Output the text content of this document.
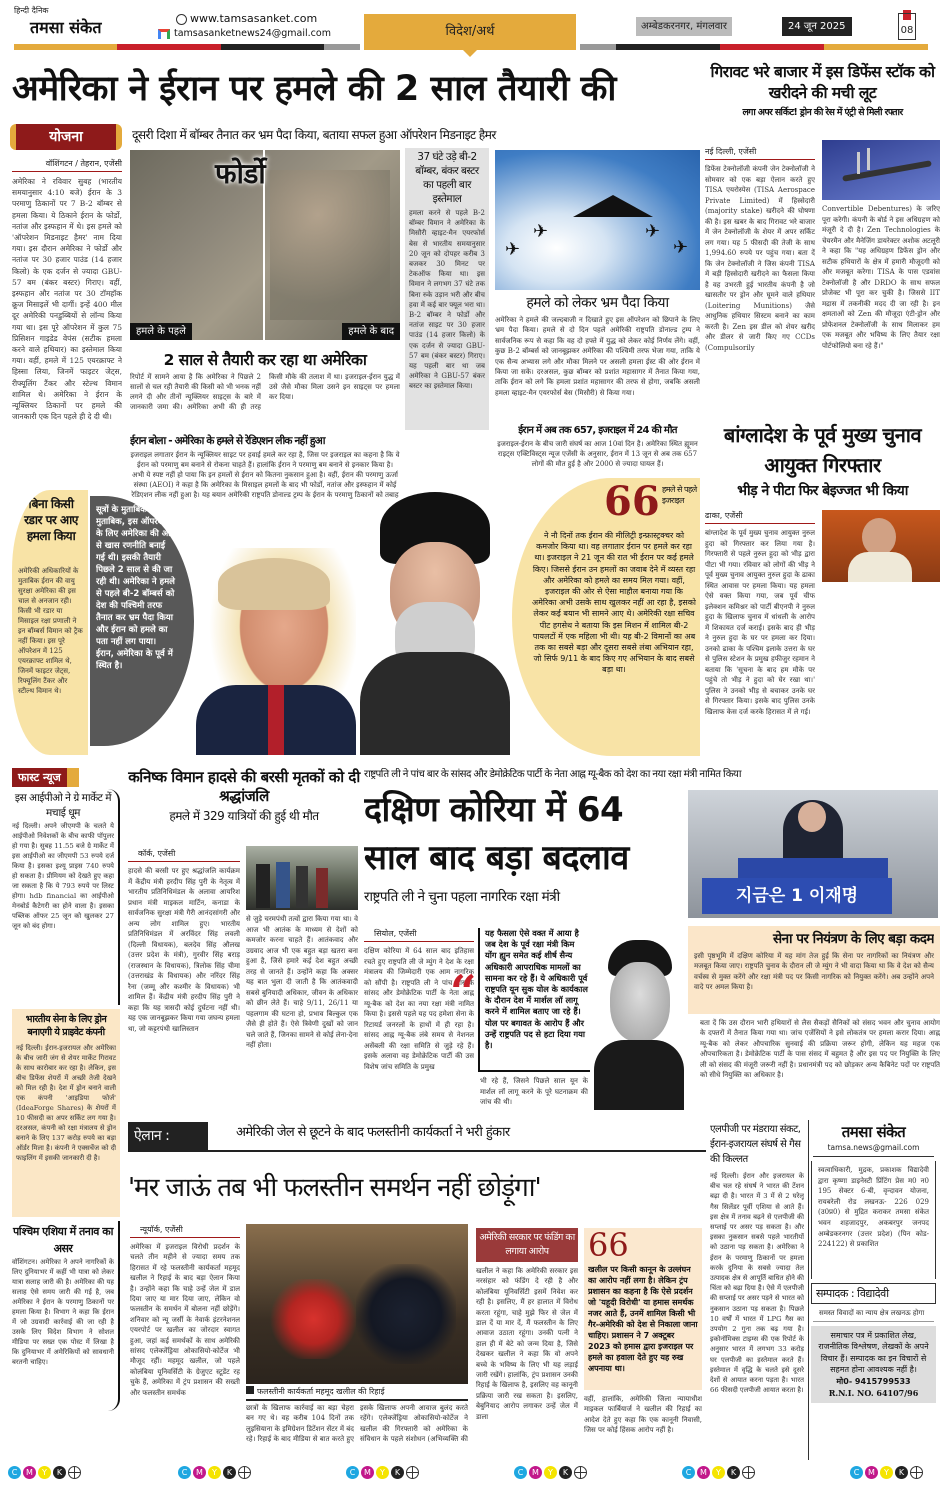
हिन्दी दैनिक
तमसा संकेत	www.tamsasanket.com
tamsasanketnews24@gmail.com	विदेश/अर्थ	अम्बेडकरनगर, मंगलवार	24 जून 2025	08
अमेरिका ने ईरान पर हमले की 2 साल तैयारी की
योजना	दूसरी दिशा में बॉम्बर तैनात कर भ्रम पैदा किया, बताया सफल हुआ ऑपरेशन मिडनाइट हैमर
वॉशिंगटन / तेहरान, एजेंसी
अमेरिका ने रविवार सुबह (भारतीय समयानुसार 4:10 बजे) ईरान के 3 परमाणु ठिकानों पर 7 B-2 बॉम्बर से हमला किया। ये ठिकाने ईरान के फोर्डो, नतांज और इस्फहान में थे। इस हमले को 'ऑपरेशन मिडनाइट हैमर' नाम दिया गया। इस दौरान अमेरिका ने फोर्डो और नतांज पर 30 हजार पाउंड (14 हजार किलो) के एक दर्जन से ज्यादा GBU-57 बम (बंकर बस्टर) गिराए। वहीं, इस्फहान और नतांज पर 30 टॉमहॉक क्रूज मिसाइलें भी दागीं। इन्हें 400 मील दूर अमेरिकी पनडुब्बियों से लॉन्च किया गया था। इस पूरे ऑपरेशन में कुल 75 प्रिसिशन गाइडेड वेपंस (सटीक हमला करने वाले हथियार) का इस्तेमाल किया गया। वहीं, हमले में 125 एयरक्राफ्ट ने हिस्सा लिया, जिनमें फाइटर जेट्स, रीफ्यूलिंग टैंकर और स्टेल्थ विमान शामिल थे। अमेरिका ने ईरान के न्यूक्लियर ठिकानों पर हमले की जानकारी एक दिन पहले ही दे दी थी।
फोर्डो
हमले के पहले	हमले के बाद
37 घंटे उड़े बी-2 बॉम्बर, बंकर बस्टर का पहली बार इस्तेमाल
हमला करने से पहले B-2 बॉम्बर विमान ने अमेरिका के मिसौरी व्हाइट-मैन एयरफोर्स बेस से भारतीय समयानुसार 20 जून को दोपहर करीब 3 बजकर 30 मिनट पर टेकऑफ किया था। इस विमान ने लगभग 37 घंटे तक बिना रुके उड़ान भरी और बीच हवा में कई बार फ्यूल भरा था। B-2 बॉम्बर ने फोर्डो और नतांज साइट पर 30 हजार पाउंड (14 हजार किलो) के एक दर्जन से ज्यादा GBU-57 बम (बंकर बस्टर) गिराए। यह पहली बार था जब अमेरिका ने GBU-57 बंकर बस्टर का इस्तेमाल किया।
✈
✈	✈
✈
हमले को लेकर भ्रम पैदा किया
अमेरिका ने हमले की जल्दबाजी न दिखाते हुए इस ऑपरेशन को छिपाने के लिए भ्रम पैदा किया। हमले से दो दिन पहले अमेरिकी राष्ट्रपति डोनाल्ड ट्रम्प ने सार्वजनिक रूप से कहा कि वह दो हफ्ते में युद्ध को लेकर कोई निर्णय लेंगे। वहीं, कुछ B-2 बॉम्बर्स को जानबूझकर अमेरिका की पश्चिमी तरफ भेजा गया, ताकि ये एक सैन्य अभ्यास लगे और मौका मिलने पर असली हमला ईस्ट की ओर ईरान में किया जा सके। दरअसल, कुछ बॉम्बर को प्रशांत महासागर में तैनात किया गया, ताकि ईरान को लगे कि हमला प्रशांत महासागर की तरफ से होगा, जबकि असली हमला व्हाइट-मैन एयरफोर्स बेस (मिसौरी) से किया गया।
2 साल से तैयारी कर रहा था अमेरिका
रिपोर्ट में सामने आया है कि अमेरिका ने पिछले 2 सालों से चल रही तैयारी की किसी को भी भनक नहीं लगने दी और तीनों न्यूक्लियर साइट्स के बारे में जानकारी जमा की। अमेरिका अभी की ही तरह किसी मौके की तलाश में था। इजराइल-ईरान युद्ध में उसे जैसे मौका मिला उसने इन साइट्स पर हमला कर दिया।
ईरान बोला - अमेरिका के हमले से रेडिएशन लीक नहीं हुआ
इजराइल लगातार ईरान के न्यूक्लियर साइट पर हवाई हमले कर रहा है, जिस पर इजराइल का कहना है कि वे ईरान को परमाणु बम बनाने से रोकना चाहते हैं। हालांकि ईरान ने परमाणु बम बनाने से इनकार किया है। अभी ये स्पष्ट नहीं हो पाया कि इन हमलों से ईरान को कितना नुकसान हुआ है। वहीं, ईरान की परमाणु ऊर्जा संस्था (AEOI) ने कहा है कि अमेरिका के मिसाइल हमलों के बाद भी फोर्डो, नतांज और इस्फहान में कोई रेडिएशन लीक नहीं हुआ है। यह बयान अमेरिकी राष्ट्रपति डोनाल्ड ट्रम्प के ईरान के परमाणु ठिकानों को तबाह
ईरान में अब तक 657, इजराइल में 24 की मौत
इजराइल-ईरान के बीच जारी संघर्ष का आज 10वां दिन है। अमेरिका स्थित ह्यूमन राइट्स एक्टिविस्ट्स न्यूज एजेंसी के अनुसार, ईरान में 13 जून से अब तक 657 लोगों की मौत हुई है और 2000 से ज्यादा घायल हैं।
बिना किसी रडार पर आए हमला किया
अमेरिकी अधिकारियों के मुताबिक ईरान की वायु सुरक्षा अमेरिका की इस चाल से अनजान रही। किसी भी रडार या मिसाइल रक्षा प्रणाली ने इन बॉम्बर्स विमान को ट्रैक नहीं किया। इस पूरे ऑपरेशन में 125 एयरक्राफ्ट शामिल थे, जिनमें फाइटर जेट्स, रिफ्यूलिंग टैंकर और स्टील्थ विमान थे।
सूत्रों के मुताबिक मुताबिक, इस ऑपरेशन के लिए अमेरिका की ओर से खास रणनीति बनाई गई थी। इसकी तैयारी पिछले 2 साल से की जा रही थी। अमेरिका ने हमले से पहले बी-2 बॉम्बर्स को देश की पश्चिमी तरफ तैनात कर भ्रम पैदा किया और ईरान को हमले का पता नहीं लग पाया। ईरान, अमेरिका के पूर्व में स्थित है।
66 हमले से पहले इजराइल
ने नौ दिनों तक ईरान की मीलिट्री इन्फ्रास्ट्रक्चर को कमजोर किया था। वह लगातार ईरान पर हमले कर रहा था। इजराइल ने 21 जून की रात भी ईरान पर कई हमले किए। जिससे ईरान उन हमलों का जवाब देने में व्यस्त रहा और अमेरिका को हमले का समय मिल गया। वहीं, इजराइल की ओर से ऐसा माहौल बनाया गया कि अमेरिका अभी उसके साथ खुलकर नहीं आ रहा है, इसको लेकर कई बयान भी सामने आए थे। अमेरिकी रक्षा सचिव पीट हगसेथ ने बताया कि इस मिशन में शामिल बी-2 पायलटों में एक महिला भी थी। यह बी-2 विमानों का अब तक का सबसे बड़ा और दूसरा सबसे लंबा अभियान रहा, जो सिर्फ 9/11 के बाद किए गए अभियान के बाद सबसे बड़ा था।
गिरावट भरे बाजार में इस डिफेंस स्टॉक को खरीदने की मची लूट
लगा अपर सर्किट! ड्रोन की रेस में एंट्री से मिली रफ्तार
नई दिल्ली, एजेंसी
डिफेंस टेक्नोलॉजी कंपनी जेन टेक्नोलॉजी ने सोमवार को एक बड़ा ऐलान करते हुए TISA एयरोस्पेस (TISA Aerospace Private Limited) में हिस्सेदारी (majority stake) खरीदने की घोषणा की है। इस खबर के बाद गिरावट भरे बाजार में जेन टेक्नोलॉजी के शेयर में अपर सर्किट लग गया। यह 5 फीसदी की तेजी के साथ 1,994.60 रुपये पर पहुंच गया। बता दें कि जेन टेक्नोलॉजी ने जिस कंपनी TISA में बड़ी हिस्सेदारी खरीदने का फैसला किया है वह उभरती हुई भारतीय कंपनी है जो खासतौर पर ड्रोन और घूमने वाले हथियार (Loitering Munitions) जैसे आधुनिक हथियार सिस्टम बनाने का काम करती है। Zen इस डील को शेयर खरीद और डीलर से जारी किए गए CCDs (Compulsorily
Convertible Debentures) के जरिए पूरा करेगी। कंपनी के बोर्ड ने इस अधिग्रहण को मंजूरी दे दी है। Zen Technologies के चेयरमैन और मैनेजिंग डायरेक्टर अशोक अटलूरी ने कहा कि "यह अधिग्रहण डिफेंस ड्रोन और सटीक हथियारों के क्षेत्र में हमारी मौजूदगी को और मजबूत करेगा। TISA के पास एडवांस टेक्नोलॉजी है और DRDO के साथ सफल प्रोजेक्ट भी पूरा कर चुकी है। जिससे IIT मद्रास में तकनीकी मदद दी जा रही है। इन क्षमताओं को Zen की मौजूदा एंटी-ड्रोन और प्रोफेशनल टेक्नोलॉजी के साथ मिलाकर हम एक मजबूत और भविष्य के लिए तैयार रक्षा पोर्टफोलियो बना रहे हैं।"
बांग्लादेश के पूर्व मुख्य चुनाव आयुक्त गिरफ्तार
भीड़ ने पीटा फिर बेइज्जत भी किया
ढाका, एजेंसी
बांग्लादेश के पूर्व मुख्य चुनाव आयुक्त नुरुल हुदा को गिरफ्तार कर लिया गया है। गिरफ्तारी से पहले नुरुल हुदा को भीड़ द्वारा पीटा भी गया। रविवार को लोगों की भीड़ ने पूर्व मुख्य चुनाव आयुक्त नुरुल हुदा के ढाका स्थित आवास पर हमला किया। यह हमला ऐसे वक्त किया गया, जब पूर्व चीफ इलेक्शन कमिश्नर को पार्टी बीएनपी ने नुरुल हुदा के खिलाफ चुनाव में धांधली के आरोप में शिकायत दर्ज कराई। इसके बाद ही भीड़ ने नुरुल हुदा के घर पर हमला कर दिया। उनको ढाका के पश्चिम इलाके उत्तरा के घर से पुलिस स्टेशन के प्रमुख हफीजुर रहमान ने बताया कि 'सूचना के बाद हम मौके पर पहुंचे तो भीड़ ने हुदा को घेर रखा था।' पुलिस ने उनको भीड़ से बचाकर उनके घर से गिरफ्तार किया। इसके बाद पुलिस उनके खिलाफ केस दर्ज करके हिरासत में ले गई।
फास्ट न्यूज
इस आईपीओ ने ग्रे मार्केट में मचाई धूम
नई दिल्ली। अपने जीएमपी के चलते ये आईपीओ निवेशकों के बीच काफी पॉपुलर हो गया है। सुबह 11.55 बजे ग्रे मार्केट में इस आईपीओ का जीएमपी 53 रुपये दर्ज किया है। इसका इश्यू प्राइस 740 रुपये हो सकता है। प्रीमियम को देखते हुए कहा जा सकता है कि ये 793 रुपये पर लिस्ट होगा। hdb financial का आईपीओ मेनबोर्ड कैटेगरी का होने वाला है। इसका पब्लिक ऑफर 25 जून को खुलकर 27 जून को बंद होगा।
भारतीय सेना के लिए ड्रोन बनाएगी ये प्राइवेट कंपनी
नई दिल्ली। ईरान-इजरायल और अमेरिका के बीच जारी जंग से शेयर मार्केट गिरावट के साथ कारोबार कर रहा है। लेकिन, इस बीच डिफेंस शेयरों में अच्छी तेजी देखने को मिल रही है। देश में ड्रोन बनाने वाली एक कंपनी 'आइडिया फोर्ज' (IdeaForge Shares) के शेयरों में 10 फीसदी का अपर सर्किट लग गया है। दरअसल, कंपनी को रक्षा मंत्रालय से ड्रोन बनाने के लिए 137 करोड़ रुपये का बड़ा ऑर्डर मिला है। कंपनी ने एक्सचेंज को दी फाइलिंग में इसकी जानकारी दी है।
पश्चिम एशिया में तनाव का असर
वॉशिंगटन। अमेरिका ने अपने नागरिकों के लिए दुनियाभर में कहीं भी यात्रा को लेकर यात्रा सलाह जारी की है। अमेरिका की यह सलाह ऐसे समय जारी की गई है, जब अमेरिका ने ईरान के परमाणु ठिकानों पर हमला किया है। विभाग ने कहा कि ईरान में जो उग्रवादी कार्रवाई की जा रही है उसके लिए विदेश विभाग ने सोशल मीडिया पर सख्त एक पोस्ट में लिखा है कि दुनियाभर में अमेरिकियों को सावधानी बरतनी चाहिए।
कनिष्क विमान हादसे की बरसी मृतकों को दी श्रद्धांजलि
हमले में 329 यात्रियों की हुई थी मौत
कॉर्क, एजेंसी
हादसे की बरसी पर हुए श्रद्धांजलि कार्यक्रम में केंद्रीय मंत्री हरदीप सिंह पुरी के नेतृत्व में भारतीय प्रतिनिधिमंडल के अलावा आयरिश प्रधान मंत्री माइकल मार्टिन, कनाडा के सार्वजनिक सुरक्षा मंत्री गैरी आनंदसांगरी और अन्य लोग शामिल हुए। भारतीय प्रतिनिधिमंडल में अरविंदर सिंह लवली (दिल्ली विधायक), बलदेव सिंह औलख (उत्तर प्रदेश के मंत्री), गुरवीर सिंह बराड़ (राजस्थान के विधायक), त्रिलोक सिंह चीमा (उत्तराखंड के विधायक) और नरिंदर सिंह रैना (जम्मू और कश्मीर के विधायक) भी शामिल हैं। केंद्रीय मंत्री हरदीप सिंह पुरी ने कहा कि यह त्रासदी कोई दुर्घटना नहीं थी। यह एक जानबूझकर किया गया जघन्य हमला था, जो कट्टरपंथी खालिस्तान
से जुड़े चरमपंथी तत्वों द्वारा किया गया था। वे आज भी आतंक के माध्यम से देशों को कमजोर करना चाहते हैं। आतंकवाद और उग्रवाद आज भी एक बहुत बड़ा खतरा बना हुआ है, जिसे हमारे कई देश बहुत अच्छी तरह से जानते हैं। उन्होंने कहा कि अक्सर यह बात भुला दी जाती है कि आतंकवादी सबसे बुनियादी अधिकार, जीवन के अधिकार को छीन लेते हैं। चाहे 9/11, 26/11 या पहलगाम की घटना हो, प्रभाव बिल्कुल एक जैसे ही होते हैं। ऐसे त्रिवेणी दुखों को जान चले जाते हैं, जिनका सामने से कोई लेना-देना नहीं होता।
राष्ट्रपति ली ने पांच बार के सांसद और डेमोक्रेटिक पार्टी के नेता आह्न ग्यू-बैक को देश का नया रक्षा मंत्री नामित किया
दक्षिण कोरिया में 64 साल बाद बड़ा बदलाव
राष्ट्रपति ली ने चुना पहला नागरिक रक्षा मंत्री	지금은 1 이재명
सियोल, एजेंसी
दक्षिण कोरिया में 64 साल बाद इतिहास रचते हुए राष्ट्रपति ली जे म्युंग ने देश के रक्षा मंत्रालय की जिम्मेदारी एक आम नागरिक को सौंपी है। राष्ट्रपति ली ने पांच बार के सांसद और डेमोक्रेटिक पार्टी के नेता आह्न ग्यू-बैक को देश का नया रक्षा मंत्री नामित किया है। इससे पहले यह पद हमेशा सेना के रिटायर्ड जनरलों के हाथों में ही रहा है। सांसद आह्न ग्यू-बैक लंबे समय से नेशनल असेंबली की रक्षा समिति से जुड़े रहे हैं। इसके अलावा वह डेमोक्रेटिक पार्टी की उस विशेष जांच समिति के प्रमुख
“
यह फैसला ऐसे वक्त में आया है जब देश के पूर्व रक्षा मंत्री किम योंग ह्युन समेत कई शीर्ष सैन्य अधिकारी आपराधिक मामलों का सामना कर रहे हैं। ये अधिकारी पूर्व राष्ट्रपति यून सुक योल के कार्यकाल के दौरान देश में मार्शल लॉ लागू करने में शामिल बताए जा रहे हैं। योल पर बगावत के आरोप हैं और उन्हें राष्ट्रपति पद से हटा दिया गया है।
भी रहे हैं, जिसने पिछले साल यून के मार्शल लॉ लागू करने के पूरे घटनाक्रम की जांच की थी।
सेना पर नियंत्रण के लिए बड़ा कदम
इसी पृष्ठभूमि में दक्षिण कोरिया में यह मांग तेज हुई कि सेना पर नागरिकों का नियंत्रण और मजबूत किया जाए। राष्ट्रपति चुनाव के दौरान ली जे म्युंग ने भी वादा किया था कि वे देश को सैन्य वर्चस्व से मुक्त करेंगे और रक्षा मंत्री पद पर किसी नागरिक को नियुक्त करेंगे। अब उन्होंने अपने वादे पर अमल किया है।
बता दें कि उस दौरान भारी हथियारों से लैस सैकड़ों सैनिकों को संसद भवन और चुनाव आयोग के दफ्तरों में तैनात किया गया था। जांच एजेंसियों ने इसे लोकतंत्र पर हमला करार दिया। आह्न ग्यू-बैक को लेकर औपचारिक सुनवाई की प्रक्रिया जरूर होगी, लेकिन यह महज एक औपचारिकता है। डेमोक्रेटिक पार्टी के पास संसद में बहुमत है और इस पद पर नियुक्ति के लिए ली को संसद की मंजूरी जरूरी नहीं है। प्रधानमंत्री पद को छोड़कर अन्य कैबिनेट पदों पर राष्ट्रपति को सीधे नियुक्ति का अधिकार है।
ऐलान :	अमेरिकी जेल से छूटने के बाद फलस्तीनी कार्यकर्ता ने भरी हुंकार
'मर जाऊं तब भी फलस्तीन समर्थन नहीं छोड़ूंगा'
न्यूयॉर्क, एजेंसी
अमेरिका में इजराइल विरोधी प्रदर्शन के चलते तीन महीने से ज्यादा समय तक हिरासत में रहे फलस्तीनी कार्यकर्ता महमूद खलील ने रिहाई के बाद बड़ा ऐलान किया है। उन्होंने कहा कि चाहे उन्हें जेल में डाल दिया जाए या मार दिया जाए, लेकिन वो फलस्तीन के समर्थन में बोलना नहीं छोड़ेंगे। शनिवार को न्यू जर्सी के नेवार्क इंटरनेशनल एयरपोर्ट पर खलील का जोरदार स्वागत हुआ, जहां कई समर्थकों के साथ अमेरिकी सांसद एलेक्जेंड्रिया ओकासियो-कोर्टेज भी मौजूद रहीं। महमूद खलील, जो पहले कोलंबिया यूनिवर्सिटी के ग्रेजुएट स्टूडेंट रह चुके हैं, अमेरिका में ट्रंप प्रशासन की सख्ती और फलस्तीन समर्थक	फलस्तीनी कार्यकर्ता महमूद खलील की रिहाई
छात्रों के खिलाफ कार्रवाई का बड़ा चेहरा बन गए थे। वह करीब 104 दिनों तक लुइसियाना के इमिग्रेशन डिटेंशन सेंटर में बंद रहे। रिहाई के बाद मीडिया से बात करते हुए
इसके खिलाफ अपनी आवाज बुलंद करते रहेंगे। एलेक्जेंड्रिया ओकासियो-कोर्टेज ने खलील की गिरफ्तारी को अमेरिका के संविधान के पहले संशोधन (अभिव्यक्ति की
अमेरिकी सरकार पर फंडिंग का लगाया आरोप
खलील ने कहा कि अमेरिकी सरकार इस नरसंहार को फंडिंग दे रही है और कोलंबिया यूनिवर्सिटी इसमें निवेश कर रही है। इसलिए, मैं हर हालात में विरोध करता रहूंगा, चाहे मुझे फिर से जेल में डाल दें या मार दें, मैं फलस्तीन के लिए आवाज उठाता रहूंगा। उनकी पत्नी ने हाल ही में बेटे को जन्म दिया है, जिसे देखकर खलील ने कहा कि वो अपने बच्चे के भविष्य के लिए भी यह लड़ाई जारी रखेंगे। हालांकि, ट्रंप प्रशासन उनकी रिहाई के खिलाफ है, इसलिए वह कानूनी प्रक्रिया जारी रख सकता है। इसलिए, बेबुनियाद आरोप लगाकर उन्हें जेल में डाला
66
खलील पर किसी कानून के उल्लंघन का आरोप नहीं लगा है। लेकिन ट्रंप प्रशासन का कहना है कि ऐसे प्रदर्शन जो 'यहूदी विरोधी' या हमास समर्थक नजर आते हैं, उनमें शामिल किसी भी गैर-अमेरिकी को देश से निकाला जाना चाहिए। प्रशासन ने 7 अक्टूबर 2023 को हमास द्वारा इजराइल पर हमले का हवाला देते हुए यह रुख अपनाया था।
वहीं, हालांकि, अमेरिकी जिला न्यायाधीश माइकल फार्बियार्ज ने खलील की रिहाई का आदेश देते हुए कहा कि एक कानूनी निवासी, जिस पर कोई हिंसक आरोप नहीं है।
एलपीजी पर मंडराया संकट, ईरान-इजरायल संघर्ष से गैस की किल्लत
नई दिल्ली। ईरान और इजरायल के बीच चल रहे संघर्ष ने भारत की टेंशन बढ़ा दी है। भारत में 3 में से 2 घरेलू गैस सिलेंडर पूर्वी एशिया से आते हैं। इस क्षेत्र में तनाव बढ़ने से एलपीजी की सप्लाई पर असर पड़ सकता है। और इसका नुकसान सबसे पहले भारतीयों को उठाना पड़ सकता है। अमेरिका ने ईरान के परमाणु ठिकानों पर हमला करके दुनिया के सबसे ज्यादा तेल उत्पादक क्षेत्र से आपूर्ति बाधित होने की चिंता को बढ़ा दिया है। ऐसे में एलपीजी की सप्लाई पर असर पड़ने से भारत को नुकसान उठाना पड़ सकता है। पिछले 10 वर्षों में भारत में LPG गैस का उपयोग 2 गुना तक बढ़ गया है। इकोनॉमिक्स टाइम्स की एक रिपोर्ट के अनुसार भारत में लगभग 33 करोड़ घर एलपीजी का इस्तेमाल करते हैं। इस्तेमाल में वृद्धि के चलते इसे दूसरे देशों से आयात करना पड़ता है। भारत 66 फीसदी एलपीजी आयात करता है।
तमसा संकेत
tamsa.news@gmail.com
स्वत्वाधिकारी, मुद्रक, प्रकाशक विद्यादेवी द्वारा कृष्णा डाइनेस्टी प्रिंटिंग प्रेस म0 न0 195 सेक्टर 6-बी, वृन्दावन योजना, रायबरेली रोड लखनऊ- 226 029 (उ0प्र0) से मुद्रित कराकर तमसा संकेत भवन शहजादपुर, अकबरपुर जनपद अम्बेडकरनगर (उत्तर प्रदेश) (पिन कोड- 224122) से प्रकाशित
सम्पादक : विद्यादेवी
समस्त विवादों का न्याय क्षेत्र लखनऊ होगा
समाचार पत्र में प्रकाशित लेख, राजनीतिक विश्लेषण, लेखकों के अपने विचार हैं। सम्पादक का इन विचारों से सहमत होना आवश्यक नहीं है।
मो0- 9415799533
R.N.I. NO. 64107/96
C	M	Y	K	C	M	Y	K	C	M	Y	K	C	M	Y	K	C	M	Y	K	C	M	Y	K
